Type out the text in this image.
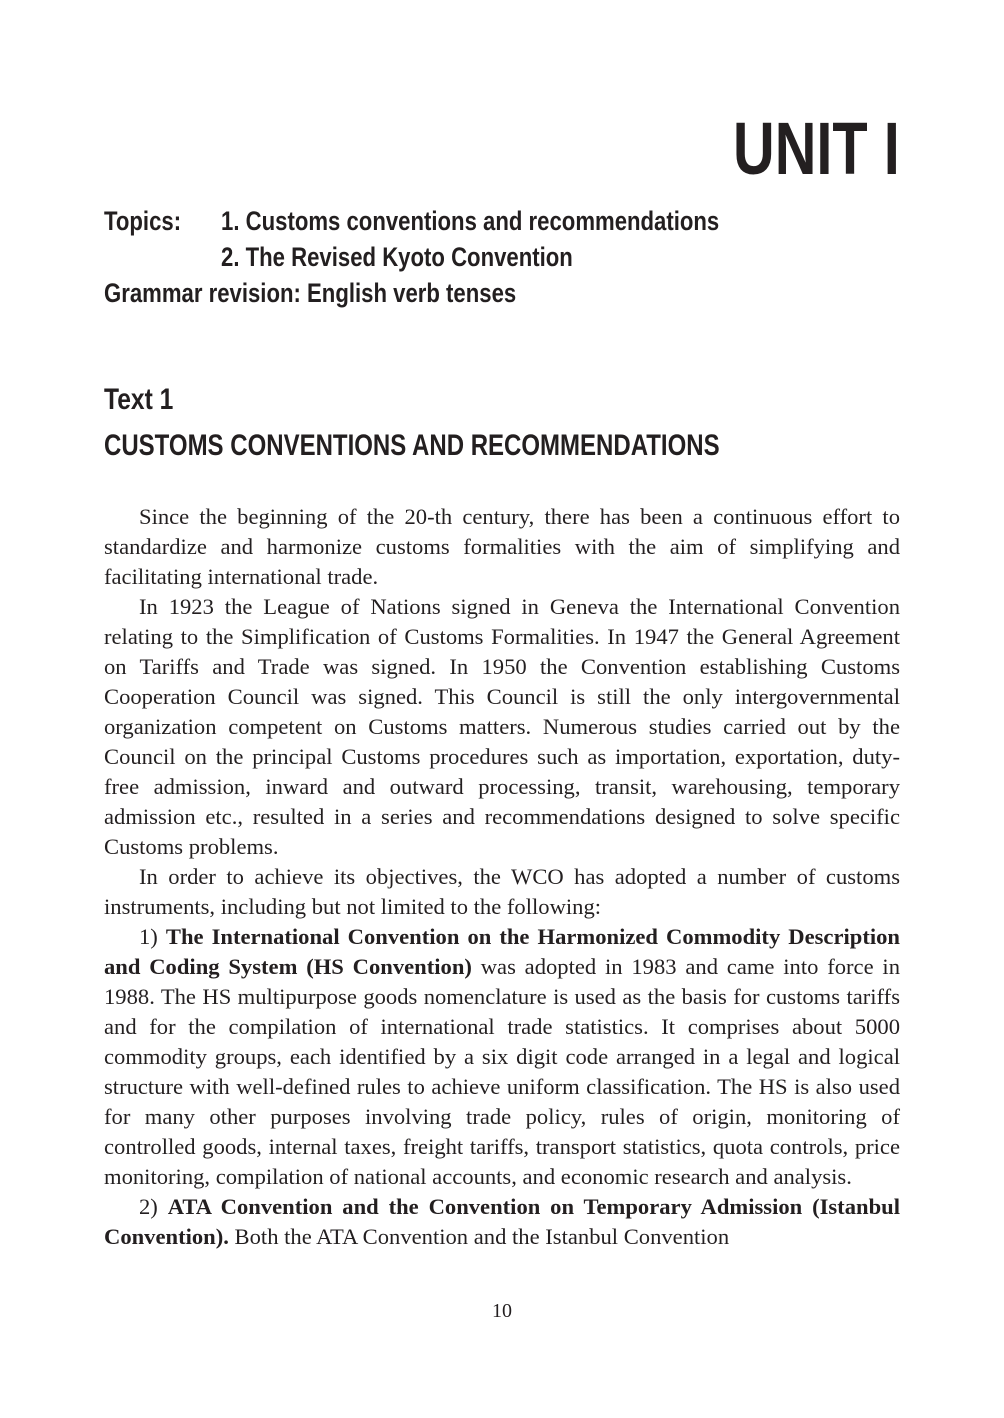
UNIT I
Topics: 1. Customs conventions and recommendations
2. The Revised Kyoto Convention
Grammar revision: English verb tenses
Text 1
CUSTOMS CONVENTIONS AND RECOMMENDATIONS

Since the beginning of the 20-th century, there has been a continuous effort to standardize and harmonize customs formalities with the aim of simplifying and facilitating international trade.

In 1923 the League of Nations signed in Geneva the International Convention relating to the Simplification of Customs Formalities. In 1947 the General Agreement on Tariffs and Trade was signed. In 1950 the Convention establishing Customs Cooperation Council was signed. This Council is still the only intergovernmental organization competent on Customs matters. Numerous studies carried out by the Council on the principal Customs procedures such as importation, exportation, duty-free admission, inward and outward processing, transit, warehousing, temporary admission etc., resulted in a series and recommendations designed to solve specific Customs problems.

In order to achieve its objectives, the WCO has adopted a number of customs instruments, including but not limited to the following:

1) The International Convention on the Harmonized Commodity Description and Coding System (HS Convention) was adopted in 1983 and came into force in 1988. The HS multipurpose goods nomenclature is used as the basis for customs tariffs and for the compilation of international trade statistics. It comprises about 5000 commodity groups, each identified by a six digit code arranged in a legal and logical structure with well-defined rules to achieve uniform classification. The HS is also used for many other purposes involving trade policy, rules of origin, monitoring of controlled goods, internal taxes, freight tariffs, transport statistics, quota controls, price monitoring, compilation of national accounts, and economic research and analysis.

2) ATA Convention and the Convention on Temporary Admission (Istanbul Convention). Both the ATA Convention and the Istanbul Convention

10
